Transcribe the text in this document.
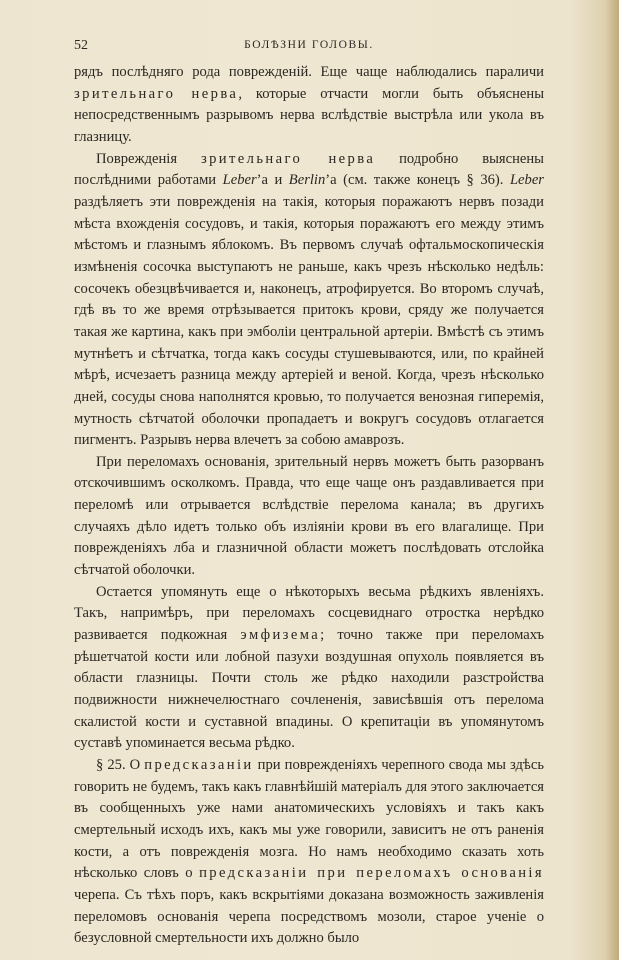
52	БОЛѢЗНИ ГОЛОВЫ.

рядъ послѣдняго рода поврежденій. Еще чаще наблюдались параличи зрительнаго нерва, которые отчасти могли быть объяснены непосредственнымъ разрывомъ нерва вслѣдствіе выстрѣла или укола въ глазницу.

Поврежденія зрительнаго нерва подробно выяснены послѣдними работами Leber’а и Berlin’а (см. также конецъ § 36). Leber раздѣляетъ эти поврежденія на такія, которыя поражаютъ нервъ позади мѣста вхожденія сосудовъ, и такія, которыя поражаютъ его между этимъ мѣстомъ и глазнымъ яблокомъ. Въ первомъ случаѣ офтальмоскопическія измѣненія сосочка выступаютъ не раньше, какъ чрезъ нѣсколько недѣль: сосочекъ обезцвѣчивается и, наконецъ, атрофируется. Во второмъ случаѣ, гдѣ въ то же время отрѣзывается притокъ крови, сряду же получается такая же картина, какъ при эмболіи центральной артеріи. Вмѣстѣ съ этимъ мутнѣетъ и сѣтчатка, тогда какъ сосуды стушевываются, или, по крайней мѣрѣ, исчезаетъ разница между артеріей и веной. Когда, чрезъ нѣсколько дней, сосуды снова наполнятся кровью, то получается венозная гиперемія, мутность сѣтчатой оболочки пропадаетъ и вокругъ сосудовъ отлагается пигментъ. Разрывъ нерва влечетъ за собою амаврозъ.

При переломахъ основанія, зрительный нервъ можетъ быть разорванъ отскочившимъ осколкомъ. Правда, что еще чаще онъ раздавливается при переломѣ или отрывается вслѣдствіе перелома канала; въ другихъ случаяхъ дѣло идетъ только объ изліяніи крови въ его влагалище. При поврежденіяхъ лба и глазничной области можетъ послѣдовать отслойка сѣтчатой оболочки.

Остается упомянуть еще о нѣкоторыхъ весьма рѣдкихъ явленіяхъ. Такъ, напримѣръ, при переломахъ сосцевиднаго отростка нерѣдко развивается подкожная эмфизема; точно также при переломахъ рѣшетчатой кости или лобной пазухи воздушная опухоль появляется въ области глазницы. Почти столь же рѣдко находили разстройства подвижности нижнечелюстнаго сочлененія, зависѣвшія отъ перелома скалистой кости и суставной впадины. О крепитаціи въ упомянутомъ суставѣ упоминается весьма рѣдко.

§ 25. О предсказаніи при поврежденіяхъ черепного свода мы здѣсь говорить не будемъ, такъ какъ главнѣйшій матеріалъ для этого заключается въ сообщенныхъ уже нами анатомическихъ условіяхъ и такъ какъ смертельный исходъ ихъ, какъ мы уже говорили, зависитъ не отъ раненія кости, а отъ поврежденія мозга. Но намъ необходимо сказать хоть нѣсколько словъ о предсказаніи при переломахъ основанія черепа. Съ тѣхъ поръ, какъ вскрытіями доказана возможность заживленія переломовъ основанія черепа посредствомъ мозоли, старое ученіе о безусловной смертельности ихъ должно было
